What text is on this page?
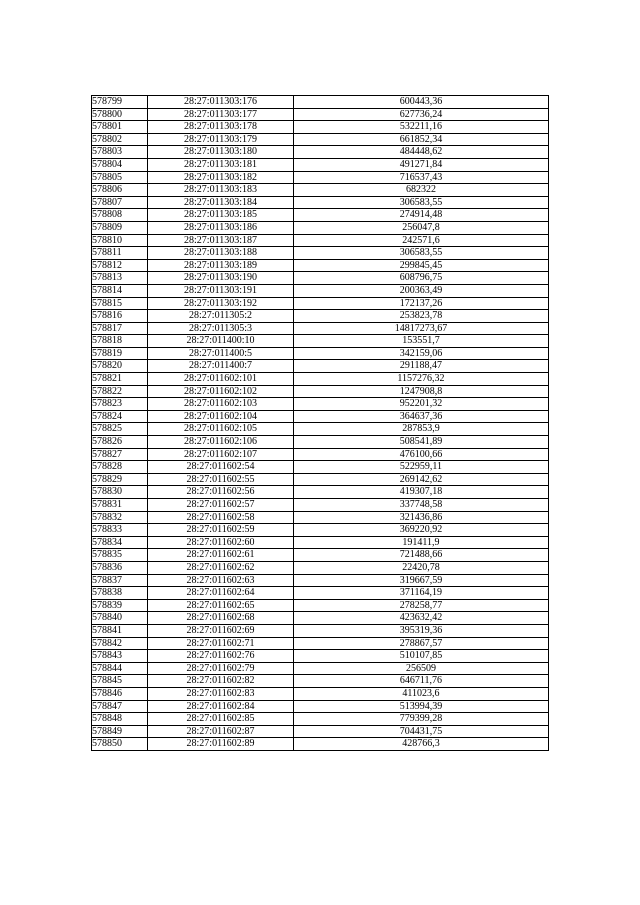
578799	28:27:011303:176	600443,36
578800	28:27:011303:177	627736,24
578801	28:27:011303:178	532211,16
578802	28:27:011303:179	661852,34
578803	28:27:011303:180	484448,62
578804	28:27:011303:181	491271,84
578805	28:27:011303:182	716537,43
578806	28:27:011303:183	682322
578807	28:27:011303:184	306583,55
578808	28:27:011303:185	274914,48
578809	28:27:011303:186	256047,8
578810	28:27:011303:187	242571,6
578811	28:27:011303:188	306583,55
578812	28:27:011303:189	299845,45
578813	28:27:011303:190	608796,75
578814	28:27:011303:191	200363,49
578815	28:27:011303:192	172137,26
578816	28:27:011305:2	253823,78
578817	28:27:011305:3	14817273,67
578818	28:27:011400:10	153551,7
578819	28:27:011400:5	342159,06
578820	28:27:011400:7	291188,47
578821	28:27:011602:101	1157276,32
578822	28:27:011602:102	1247908,8
578823	28:27:011602:103	952201,32
578824	28:27:011602:104	364637,36
578825	28:27:011602:105	287853,9
578826	28:27:011602:106	508541,89
578827	28:27:011602:107	476100,66
578828	28:27:011602:54	522959,11
578829	28:27:011602:55	269142,62
578830	28:27:011602:56	419307,18
578831	28:27:011602:57	337748,58
578832	28:27:011602:58	321436,86
578833	28:27:011602:59	369220,92
578834	28:27:011602:60	191411,9
578835	28:27:011602:61	721488,66
578836	28:27:011602:62	22420,78
578837	28:27:011602:63	319667,59
578838	28:27:011602:64	371164,19
578839	28:27:011602:65	278258,77
578840	28:27:011602:68	423632,42
578841	28:27:011602:69	395319,36
578842	28:27:011602:71	278867,57
578843	28:27:011602:76	510107,85
578844	28:27:011602:79	256509
578845	28:27:011602:82	646711,76
578846	28:27:011602:83	411023,6
578847	28:27:011602:84	513994,39
578848	28:27:011602:85	779399,28
578849	28:27:011602:87	704431,75
578850	28:27:011602:89	428766,3
